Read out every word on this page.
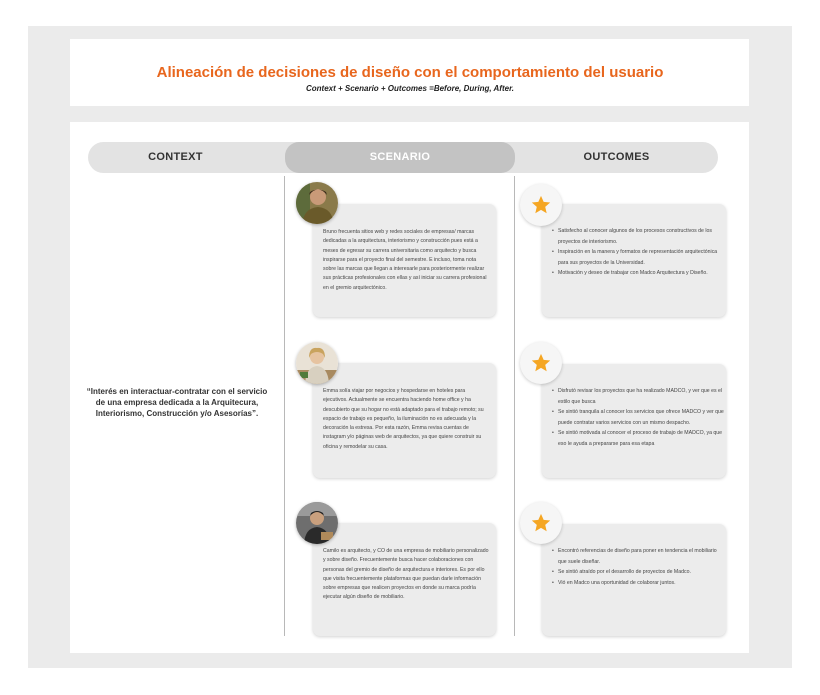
Alineación de decisiones de diseño con el comportamiento del usuario
Context + Scenario + Outcomes =Before, During, After.
CONTEXT	SCENARIO	OUTCOMES
“Interés en interactuar-contratar con el servicio de una empresa dedicada a la Arquitecura, Interiorismo, Construcción y/o Asesorías”.
Bruno frecuenta sitios web y redes sociales de empresas/ marcas dedicadas a la arquitectura, interiorismo y construcción pues está a meses de egresar su carrera universitaria como arquitecto y busca inspirarse para el proyecto final del semestre. E incluso, toma nota sobre las marcas que llegan a interesarle para posteriormente realizar sus prácticas profesionales con ellas y así iniciar su carrera profesional en el gremio arquitectónico.
Emma solía viajar por negocios y hospedarse en hoteles para ejecutivos. Actualmente se encuentra haciendo home office y ha descubierto que su hogar no está adaptado para el trabajo remoto; su espacio de trabajo es pequeño, la iluminación no es adecuada y la decoración la estresa. Por esta razón, Emma revisa cuentas de instagram y/o páginas web de arquitectos, ya que quiere construir su oficina y remodelar su casa.
Camilo es arquitecto, y CO de una empresa de mobiliario personalizado y sobre diseño. Frecuentemente busca hacer colaboraciones con personas del gremio de diseño de arquitectura e interiores. Es por ello que visita frecuentemente plataformas que puedan darle información sobre empresas que realicen proyectos en donde su marca podría ejecutar algún diseño de mobiliario.
• Satisfecho al conocer algunos de los procesos constructivos de los proyectos de interiorismo.
• Inspiración en la manera y formatos de representación arquitectónica para sus proyectos de la Universidad.
• Motivación y deseo de trabajar con Madco Arquitectura y Diseño.
• Disfrutó revisar los proyectos que ha realizado MADCO, y ver que es el estilo que busca
• Se sintió tranquila al conocer los servicios que ofrece MADCO y ver que puede contratar varios servicios con un mismo despacho.
• Se sintió motivada al conocer el proceso de trabajo de MADCO, ya que eso le ayuda a prepararse para esa etapa
• Encontró referencias de diseño para poner en tendencia el mobiliario que suele diseñar.
• Se sintió atraído por el desarrollo de proyectos de Madco.
• Vió en Madco una oportunidad de colaborar juntos.
